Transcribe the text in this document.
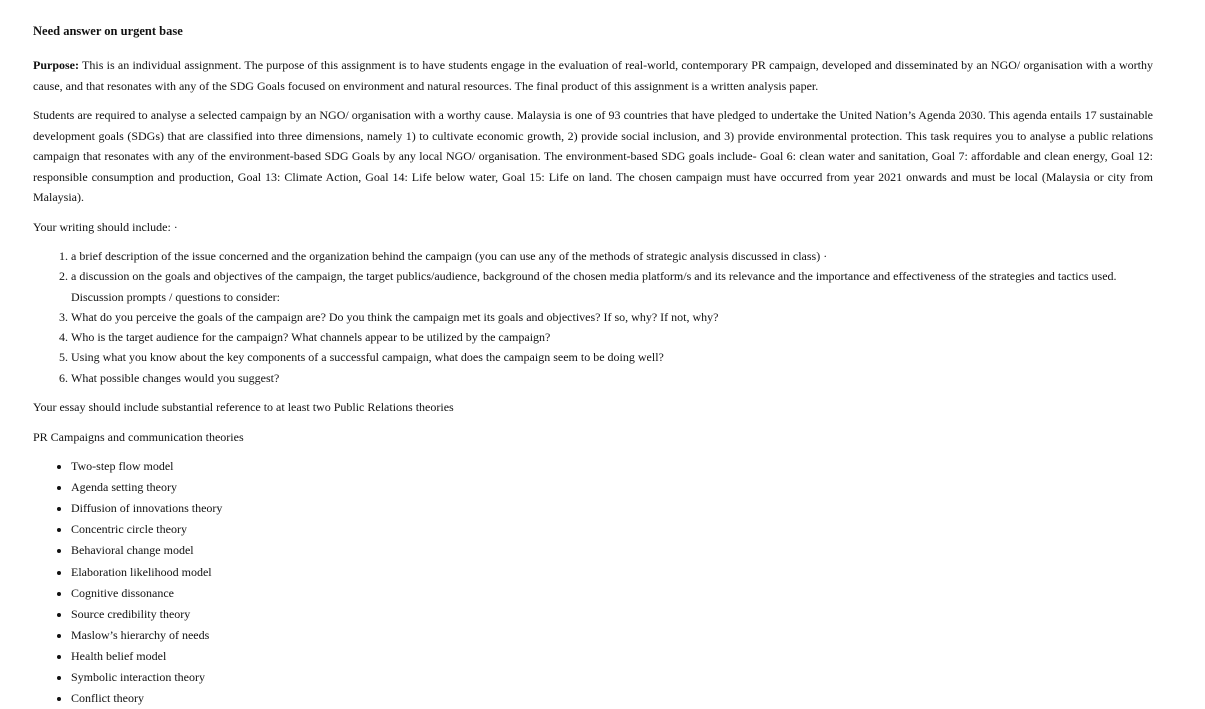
Need answer on urgent base

Purpose: This is an individual assignment. The purpose of this assignment is to have students engage in the evaluation of real-world, contemporary PR campaign, developed and disseminated by an NGO/ organisation with a worthy cause, and that resonates with any of the SDG Goals focused on environment and natural resources. The final product of this assignment is a written analysis paper.

Students are required to analyse a selected campaign by an NGO/ organisation with a worthy cause. Malaysia is one of 93 countries that have pledged to undertake the United Nation’s Agenda 2030. This agenda entails 17 sustainable development goals (SDGs) that are classified into three dimensions, namely 1) to cultivate economic growth, 2) provide social inclusion, and 3) provide environmental protection. This task requires you to analyse a public relations campaign that resonates with any of the environment-based SDG Goals by any local NGO/ organisation. The environment-based SDG goals include- Goal 6: clean water and sanitation, Goal 7: affordable and clean energy, Goal 12: responsible consumption and production, Goal 13: Climate Action, Goal 14: Life below water, Goal 15: Life on land. The chosen campaign must have occurred from year 2021 onwards and must be local (Malaysia or city from Malaysia).

Your writing should include: ·

1. a brief description of the issue concerned and the organization behind the campaign (you can use any of the methods of strategic analysis discussed in class) ·
2. a discussion on the goals and objectives of the campaign, the target publics/audience, background of the chosen media platform/s and its relevance and the importance and effectiveness of the strategies and tactics used. Discussion prompts / questions to consider:
3. What do you perceive the goals of the campaign are? Do you think the campaign met its goals and objectives? If so, why? If not, why?
4. Who is the target audience for the campaign? What channels appear to be utilized by the campaign?
5. Using what you know about the key components of a successful campaign, what does the campaign seem to be doing well?
6. What possible changes would you suggest?

Your essay should include substantial reference to at least two Public Relations theories

PR Campaigns and communication theories

• Two-step flow model
• Agenda setting theory
• Diffusion of innovations theory
• Concentric circle theory
• Behavioral change model
• Elaboration likelihood model
• Cognitive dissonance
• Source credibility theory
• Maslow’s hierarchy of needs
• Health belief model
• Symbolic interaction theory
• Conflict theory
